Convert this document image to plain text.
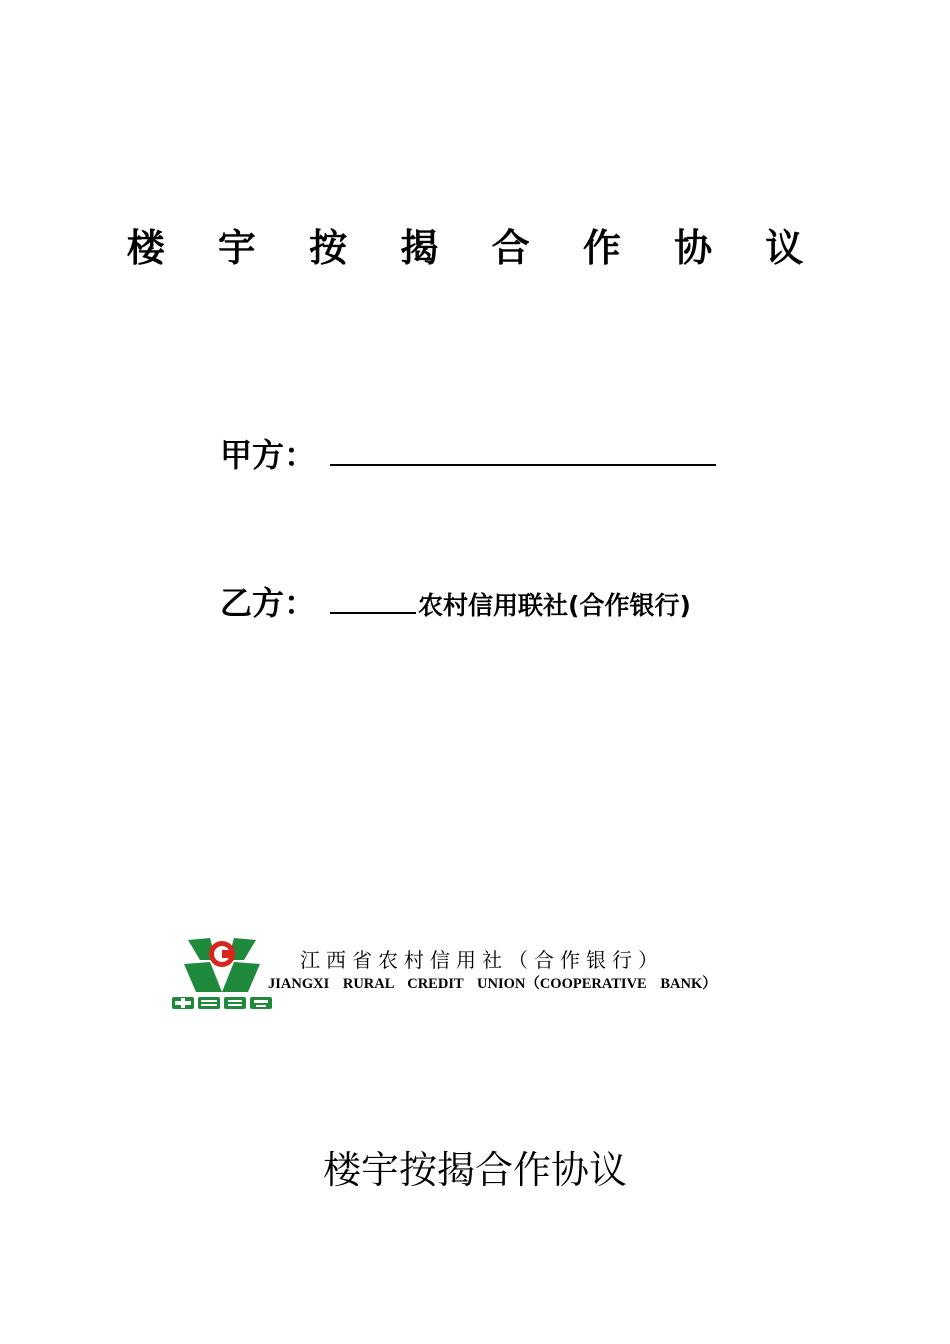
楼 宇 按 揭 合 作 协 议
甲方：
乙方：	农村信用联社(合作银行)
江西省农村信用社（合作银行）
JIANGXI RURAL CREDIT UNION（COOPERATIVE BANK）
楼宇按揭合作协议
